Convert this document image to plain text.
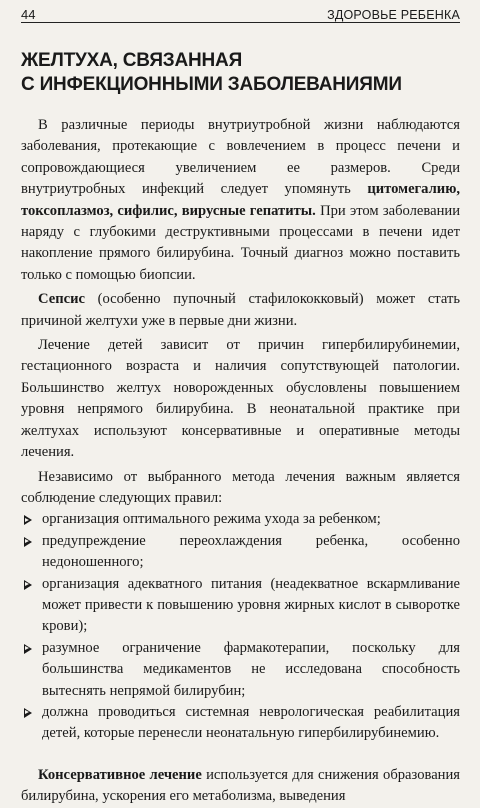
44	ЗДОРОВЬЕ РЕБЕНКА
ЖЕЛТУХА, СВЯЗАННАЯ
С ИНФЕКЦИОННЫМИ ЗАБОЛЕВАНИЯМИ

В различные периоды внутриутробной жизни наблюдаются заболевания, протекающие с вовлечением в процесс печени и сопровождающиеся увеличением ее размеров. Среди внутриутробных инфекций следует упомянуть цитомегалию, токсоплазмоз, сифилис, вирусные гепатиты. При этом заболевании наряду с глубокими деструктивными процессами в печени идет накопление прямого билирубина. Точный диагноз можно поставить только с помощью биопсии.

Сепсис (особенно пупочный стафилококковый) может стать причиной желтухи уже в первые дни жизни.

Лечение детей зависит от причин гипербилирубинемии, гестационного возраста и наличия сопутствующей патологии. Большинство желтух новорожденных обусловлены повышением уровня непрямого билирубина. В неонатальной практике при желтухах используют консервативные и оперативные методы лечения.

Независимо от выбранного метода лечения важным является соблюдение следующих правил:

организация оптимального режима ухода за ребенком;
предупреждение переохлаждения ребенка, особенно недоношенного;
организация адекватного питания (неадекватное вскармливание может привести к повышению уровня жирных кислот в сыворотке крови);
разумное ограничение фармакотерапии, поскольку для большинства медикаментов не исследована способность вытеснять непрямой билирубин;
должна проводиться системная неврологическая реабилитация детей, которые перенесли неонатальную гипербилирубинемию.

Консервативное лечение используется для снижения образования билирубина, ускорения его метаболизма, выведения
